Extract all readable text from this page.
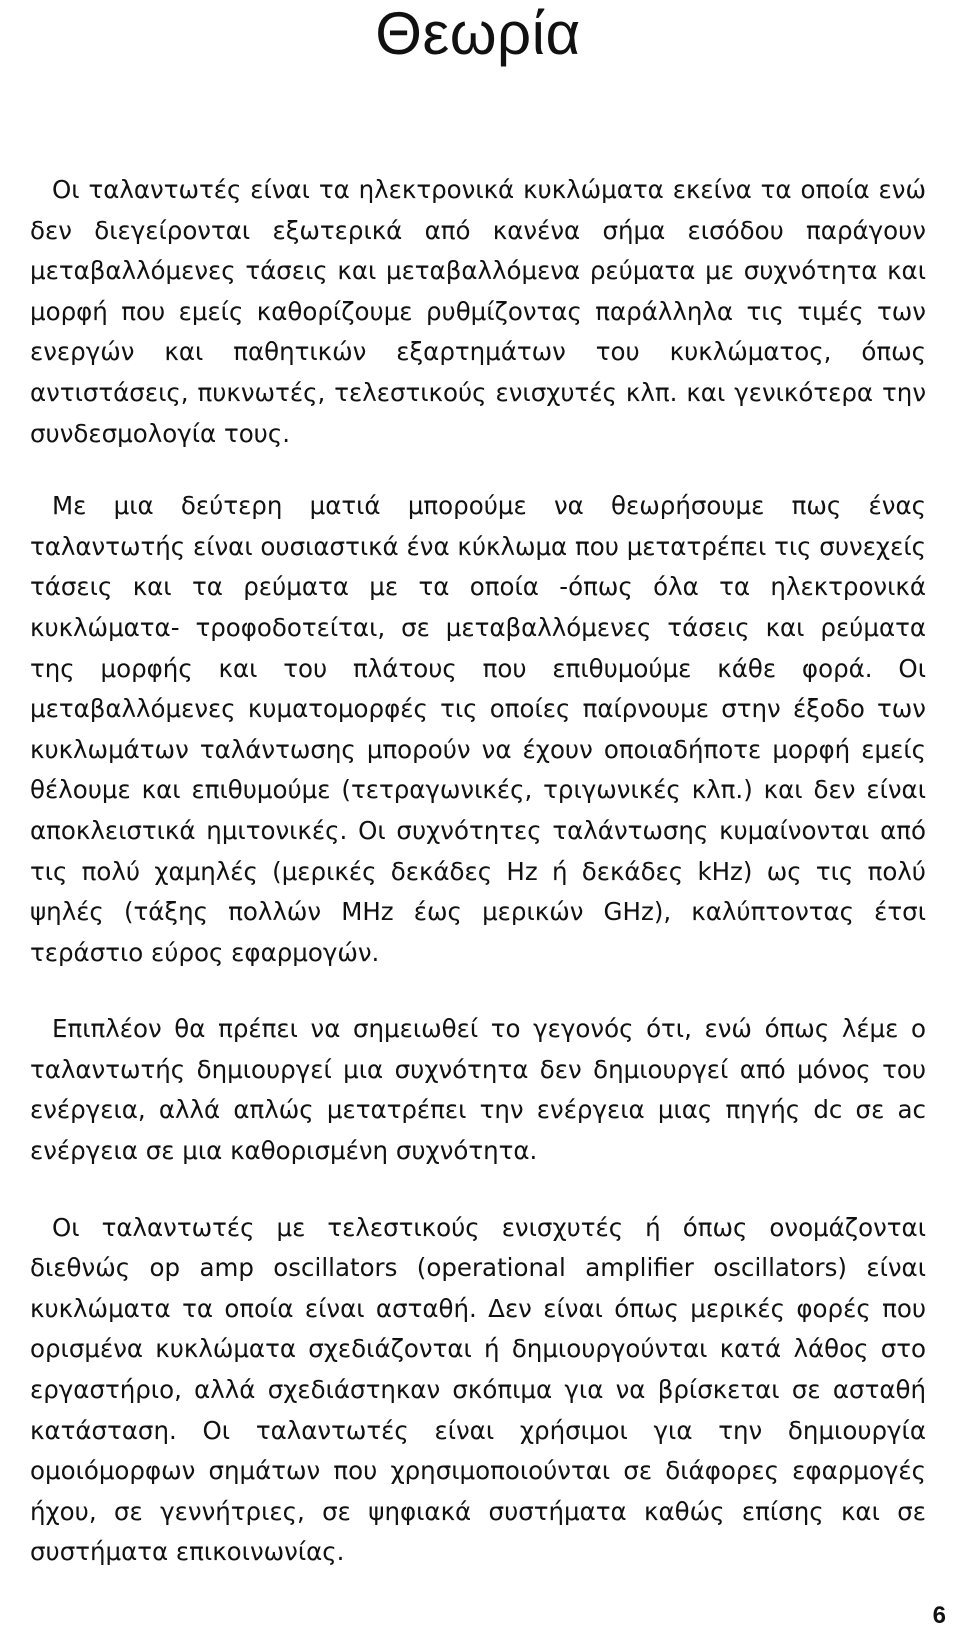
Θεωρία

Οι ταλαντωτές είναι τα ηλεκτρονικά κυκλώματα εκείνα τα οποία ενώ δεν διεγείρονται εξωτερικά από κανένα σήμα εισόδου παράγουν μεταβαλλόμενες τάσεις και μεταβαλλόμενα ρεύματα με συχνότητα και μορφή που εμείς καθορίζουμε ρυθμίζοντας παράλληλα τις τιμές των ενεργών και παθητικών εξαρτημάτων του κυκλώματος, όπως αντιστάσεις, πυκνωτές, τελεστικούς ενισχυτές κλπ. και γενικότερα την συνδεσμολογία τους.

Με μια δεύτερη ματιά μπορούμε να θεωρήσουμε πως ένας ταλαντωτής είναι ουσιαστικά ένα κύκλωμα που μετατρέπει τις συνεχείς τάσεις και τα ρεύματα με τα οποία -όπως όλα τα ηλεκτρονικά κυκλώματα- τροφοδοτείται, σε μεταβαλλόμενες τάσεις και ρεύματα της μορφής και του πλάτους που επιθυμούμε κάθε φορά. Οι μεταβαλλόμενες κυματομορφές τις οποίες παίρνουμε στην έξοδο των κυκλωμάτων ταλάντωσης μπορούν να έχουν οποιαδήποτε μορφή εμείς θέλουμε και επιθυμούμε (τετραγωνικές, τριγωνικές κλπ.) και δεν είναι αποκλειστικά ημιτονικές. Οι συχνότητες ταλάντωσης κυμαίνονται από τις πολύ χαμηλές (μερικές δεκάδες Hz ή δεκάδες kHz) ως τις πολύ ψηλές (τάξης πολλών MHz έως μερικών GHz), καλύπτοντας έτσι τεράστιο εύρος εφαρμογών.

Επιπλέον θα πρέπει να σημειωθεί το γεγονός ότι, ενώ όπως λέμε ο ταλαντωτής δημιουργεί μια συχνότητα δεν δημιουργεί από μόνος του ενέργεια, αλλά απλώς μετατρέπει την ενέργεια μιας πηγής dc σε ac ενέργεια σε μια καθορισμένη συχνότητα.

Οι ταλαντωτές με τελεστικούς ενισχυτές ή όπως ονομάζονται διεθνώς op amp oscillators (operational amplifier oscillators) είναι κυκλώματα τα οποία είναι ασταθή. Δεν είναι όπως μερικές φορές που ορισμένα κυκλώματα σχεδιάζονται ή δημιουργούνται κατά λάθος στο εργαστήριο, αλλά σχεδιάστηκαν σκόπιμα για να βρίσκεται σε ασταθή κατάσταση. Οι ταλαντωτές είναι χρήσιμοι για την δημιουργία ομοιόμορφων σημάτων που χρησιμοποιούνται σε διάφορες εφαρμογές ήχου, σε γεννήτριες, σε ψηφιακά συστήματα καθώς επίσης και σε συστήματα επικοινωνίας.

6
